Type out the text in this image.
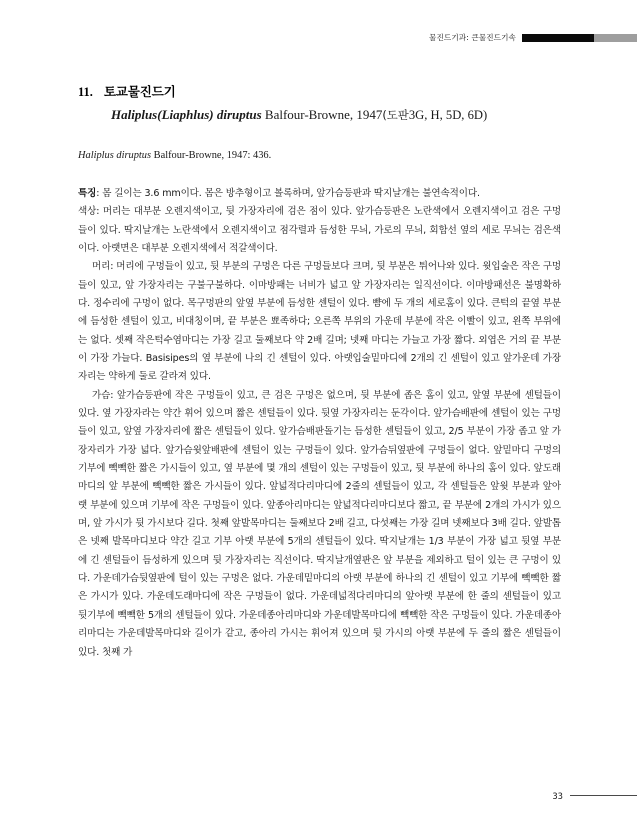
물진드기과: 큰물진드기속
11. 토교물진드기
Haliplus(Liaphlus) diruptus Balfour-Browne, 1947(도판3G, H, 5D, 6D)

Haliplus diruptus Balfour-Browne, 1947: 436.

특징: 몸 길이는 3.6 mm이다. 몸은 방추형이고 볼록하며, 앞가슴등판과 딱지날개는 불연속적이다.

색상: 머리는 대부분 오렌지색이고, 뒷 가장자리에 검은 점이 있다. 앞가슴등판은 노란색에서 오렌지색이고 검은 구멍들이 있다. 딱지날개는 노란색에서 오렌지색이고 점각렬과 듬성한 무늬, 가로의 무늬, 회합선 옆의 세로 무늬는 검은색이다. 아랫면은 대부분 오렌지색에서 적갈색이다.

머리: 머리에 구멍들이 있고, 뒷 부분의 구멍은 다른 구멍들보다 크며, 뒷 부분은 튀어나와 있다. 윗입술은 작은 구멍들이 있고, 앞 가장자리는 구불구불하다. 이마방패는 너비가 넓고 앞 가장자리는 일직선이다. 이마방패선은 불명확하다. 정수리에 구멍이 없다. 목구멍판의 앞옆 부분에 듬성한 센털이 있다. 뺨에 두 개의 세로홈이 있다. 큰턱의 끝옆 부분에 듬성한 센털이 있고, 비대칭이며, 끝 부분은 뾰족하다; 오른쪽 부위의 가운데 부분에 작은 이빨이 있고, 왼쪽 부위에는 없다. 셋째 작은턱수염마디는 가장 길고 둘째보다 약 2배 길며; 넷째 마디는 가늘고 가장 짧다. 외엽은 거의 끝 부분이 가장 가늘다. Basisipes의 옆 부분에 나의 긴 센털이 있다. 아랫입술밑마디에 2개의 긴 센털이 있고 앞가운데 가장자리는 약하게 둘로 갈라져 있다.

가슴: 앞가슴등판에 작은 구멍들이 있고, 큰 검은 구멍은 없으며, 뒷 부분에 좁은 홈이 있고, 앞옆 부분에 센털들이 있다. 옆 가장자라는 약간 휘어 있으며 짧은 센털들이 있다. 뒷옆 가장자리는 둔각이다. 앞가슴배판에 센털이 있는 구멍들이 있고, 앞옆 가장자리에 짧은 센털들이 있다. 앞가슴배판돌기는 듬성한 센털들이 있고, 2/5 부분이 가장 좁고 앞 가장자리가 가장 넓다. 앞가슴윗앞배판에 센털이 있는 구멍들이 있다. 앞가슴뒤옆판에 구멍들이 없다. 앞밑마디 구멍의 기부에 빽빽한 짧은 가시들이 있고, 옆 부분에 몇 개의 센털이 있는 구멍들이 있고, 뒷 부분에 하나의 홈이 있다. 앞도래마디의 앞 부분에 빽빽한 짧은 가시들이 있다. 앞넓적다리마디에 2줄의 센털들이 있고, 각 센털들은 앞윗 부분과 앞아랫 부분에 있으며 기부에 작은 구멍들이 있다. 앞종아리마디는 앞넓적다리마디보다 짧고, 끝 부분에 2개의 가시가 있으며, 앞 가시가 뒷 가시보다 길다. 첫째 앞발목마디는 둘째보다 2배 길고, 다섯째는 가장 길며 넷째보다 3배 길다. 앞발톱은 넷째 발목마디보다 약간 길고 기부 아랫 부분에 5개의 센털들이 있다. 딱지날개는 1/3 부분이 가장 넓고 뒷옆 부분에 긴 센털들이 듬성하게 있으며 뒷 가장자리는 직선이다. 딱지날개옆판은 앞 부분을 제외하고 털이 있는 큰 구멍이 있다. 가운데가슴뒷옆판에 털이 있는 구멍은 없다. 가운데밑마디의 아랫 부분에 하나의 긴 센털이 있고 기부에 빽빽한 짧은 가시가 있다. 가운데도래마디에 작은 구멍들이 없다. 가운데넓적다리마디의 앞아랫 부분에 한 줄의 센털들이 있고 뒷기부에 빽빽한 5개의 센털들이 있다. 가운데종아리마디와 가운데발목마디에 빽빽한 작은 구멍들이 있다. 가운데종아리마디는 가운데발목마디와 길이가 같고, 종아리 가시는 휘어져 있으며 뒷 가시의 아랫 부분에 두 줄의 짧은 센털들이 있다. 첫째 가

33
